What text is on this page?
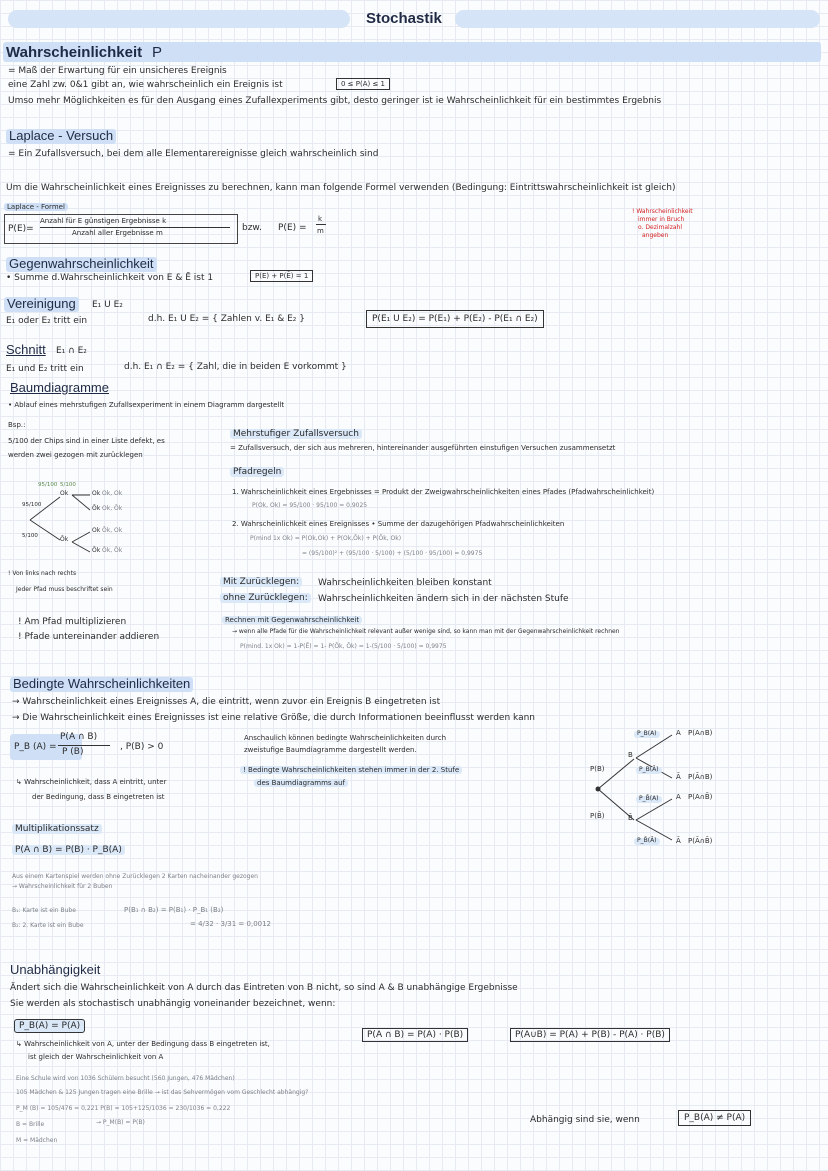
Stochastik
Wahrscheinlichkeit P
= Maß der Erwartung für ein unsicheres Ereignis
eine Zahl zw. 0&1 gibt an, wie wahrscheinlich ein Ereignis ist	0 ≤ P(A) ≤ 1
Umso mehr Möglichkeiten es für den Ausgang eines Zufallexperiments gibt, desto geringer ist ie Wahrscheinlichkeit für ein bestimmtes Ergebnis
Laplace - Versuch
= Ein Zufallsversuch, bei dem alle Elementarereignisse gleich wahrscheinlich sind
Um die Wahrscheinlichkeit eines Ereignisses zu berechnen, kann man folgende Formel verwenden (Bedingung: Eintrittswahrscheinlichkeit ist gleich)
Laplace - Formel
P(E)=
Anzahl für E günstigen Ergebnisse k
Anzahl aller Ergebnisse m	bzw. P(E) =
k
m
! Wahrscheinlichkeit
immer in Bruch
o. Dezimalzahl
angeben
Gegenwahrscheinlichkeit
• Summe d.Wahrscheinlichkeit von E & Ē ist 1	P(E) + P(Ē) = 1
Vereinigung	E₁ U E₂
E₁ oder E₂ tritt ein	d.h. E₁ U E₂ = { Zahlen v. E₁ & E₂ }	P(E₁ U E₂) = P(E₁) + P(E₂) - P(E₁ ∩ E₂)
Schnitt E₁ ∩ E₂
E₁ und E₂ tritt ein	d.h. E₁ ∩ E₂ = { Zahl, die in beiden E vorkommt }
Baumdiagramme
• Ablauf eines mehrstufigen Zufallsexperiment in einem Diagramm dargestellt
Bsp.:
5/100 der Chips sind in einer Liste defekt, es
werden zwei gezogen mit zurücklegen
95/100 5/100
95/100
5/100
Ok
Ōk
Ok
Ōk
Ok
Ōk
Ok, Ok
Ok, Ōk
Ōk, Ok
Ōk, Ōk
! Von links nach rechts
Jeder Pfad muss beschriftet sein
! Am Pfad multiplizieren
! Pfade untereinander addieren
Mehrstufiger Zufallsversuch
= Zufallsversuch, der sich aus mehreren, hintereinander ausgeführten einstufigen Versuchen zusammensetzt
Pfadregeln
1. Wahrscheinlichkeit eines Ergebnisses = Produkt der Zweigwahrscheinlichkeiten eines Pfades (Pfadwahrscheinlichkeit)
P(Ok, Ok) = 95/100 · 95/100 = 0,9025
2. Wahrscheinlichkeit eines Ereignisses • Summe der dazugehörigen Pfadwahrscheinlichkeiten
P(mind 1x Ok) = P(Ok,Ok) + P(Ok,Ōk) + P(Ōk, Ok)
= (95/100)² + (95/100 · 5/100) + (5/100 · 95/100) = 0,9975
Mit Zurücklegen:	Wahrscheinlichkeiten bleiben konstant
ohne Zurücklegen:	Wahrscheinlichkeiten ändern sich in der nächsten Stufe
Rechnen mit Gegenwahrscheinlichkeit
→ wenn alle Pfade für die Wahrscheinlichkeit relevant außer wenige sind, so kann man mit der Gegenwahrscheinlichkeit rechnen
P(mind. 1x Ok) = 1-P(Ē) = 1- P(Ōk, Ōk) = 1-(5/100 · 5/100) = 0,9975
Bedingte Wahrscheinlichkeiten
→ Wahrscheinlichkeit eines Ereignisses A, die eintritt, wenn zuvor ein Ereignis B eingetreten ist
→ Die Wahrscheinlichkeit eines Ereignisses ist eine relative Größe, die durch Informationen beeinflusst werden kann
P_B (A) =
P(A ∩ B)
P (B)	, P(B) > 0
↳ Wahrscheinlichkeit, dass A eintritt, unter
der Bedingung, dass B eingetreten ist
Anschaulich können bedingte Wahrscheinlichkeiten durch
zweistufige Baumdiagramme dargestellt werden.
! Bedingte Wahrscheinlichkeiten stehen immer in der 2. Stufe
des Baumdiagramms auf
Multiplikationssatz
P(A ∩ B) = P(B) · P_B(A)
Aus einem Kartenspiel werden ohne Zurücklegen 2 Karten nacheinander gezogen
→ Wahrscheinlichkeit für 2 Buben
B₁: Karte ist ein Bube
B₂: 2. Karte ist ein Bube
P(B₁ ∩ B₂) = P(B₁) · P_B₁ (B₂)
= 4/32 · 3/31 = 0,0012
P(B)
P(B̄)
B
B̄
P_B(A)
P_B(Ā)
P_B̄(A)
P_B̄(Ā)
A
Ā
A
Ā
P(A∩B)
P(Ā∩B)
P(A∩B̄)
P(Ā∩B̄)
Unabhängigkeit
Ändert sich die Wahrscheinlichkeit von A durch das Eintreten von B nicht, so sind A & B unabhängige Ergebnisse
Sie werden als stochastisch unabhängig voneinander bezeichnet, wenn:
P_B(A) = P(A)
P(A ∩ B) = P(A) · P(B)	P(A∪B) = P(A) + P(B) - P(A) · P(B)
↳ Wahrscheinlichkeit von A, unter der Bedingung dass B eingetreten ist,
ist gleich der Wahrscheinlichkeit von A
Eine Schule wird von 1036 Schülern besucht (560 Jungen, 476 Mädchen)
105 Mädchen & 125 Jungen tragen eine Brille → ist das Sehvermögen vom Geschlecht abhängig?
P_M (B) = 105/476 = 0,221 P(B) = 105+125/1036 = 230/1036 = 0,222
B = Brille	→ P_M(B) = P(B)
M = Mädchen
Abhängig sind sie, wenn	P_B(A) ≠ P(A)
